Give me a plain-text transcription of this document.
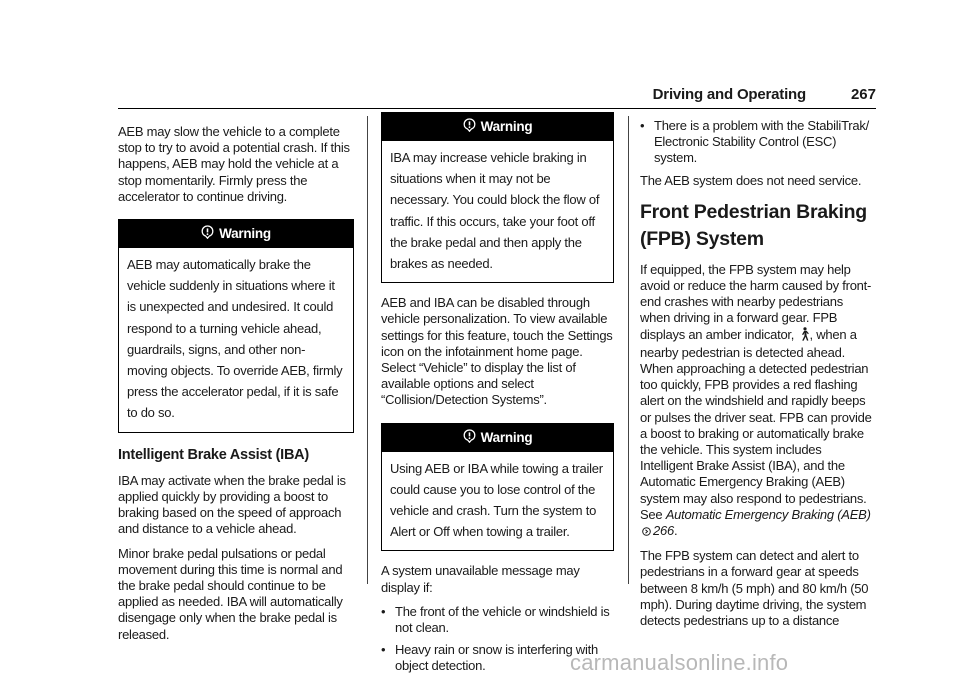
Driving and Operating	267

AEB may slow the vehicle to a complete stop to try to avoid a potential crash. If this happens, AEB may hold the vehicle at a stop momentarily. Firmly press the accelerator to continue driving.

Warning
AEB may automatically brake the vehicle suddenly in situations where it is unexpected and undesired. It could respond to a turning vehicle ahead, guardrails, signs, and other non-moving objects. To override AEB, firmly press the accelerator pedal, if it is safe to do so.
Intelligent Brake Assist (IBA)

IBA may activate when the brake pedal is applied quickly by providing a boost to braking based on the speed of approach and distance to a vehicle ahead.

Minor brake pedal pulsations or pedal movement during this time is normal and the brake pedal should continue to be applied as needed. IBA will automatically disengage only when the brake pedal is released.

Warning
IBA may increase vehicle braking in situations when it may not be necessary. You could block the flow of traffic. If this occurs, take your foot off the brake pedal and then apply the brakes as needed.

AEB and IBA can be disabled through vehicle personalization. To view available settings for this feature, touch the Settings icon on the infotainment home page. Select “Vehicle” to display the list of available options and select “Collision/Detection Systems”.

Warning
Using AEB or IBA while towing a trailer could cause you to lose control of the vehicle and crash. Turn the system to Alert or Off when towing a trailer.

A system unavailable message may display if:

• The front of the vehicle or windshield is not clean.
• Heavy rain or snow is interfering with object detection.
• There is a problem with the StabiliTrak/ Electronic Stability Control (ESC) system.

The AEB system does not need service.

Front Pedestrian Braking (FPB) System

If equipped, the FPB system may help avoid or reduce the harm caused by front-end crashes with nearby pedestrians when driving in a forward gear. FPB displays an amber indicator, , when a nearby pedestrian is detected ahead. When approaching a detected pedestrian too quickly, FPB provides a red flashing alert on the windshield and rapidly beeps or pulses the driver seat. FPB can provide a boost to braking or automatically brake the vehicle. This system includes Intelligent Brake Assist (IBA), and the Automatic Emergency Braking (AEB) system may also respond to pedestrians. See Automatic Emergency Braking (AEB) 266.

The FPB system can detect and alert to pedestrians in a forward gear at speeds between 8 km/h (5 mph) and 80 km/h (50 mph). During daytime driving, the system detects pedestrians up to a distance

carmanualsonline.info
